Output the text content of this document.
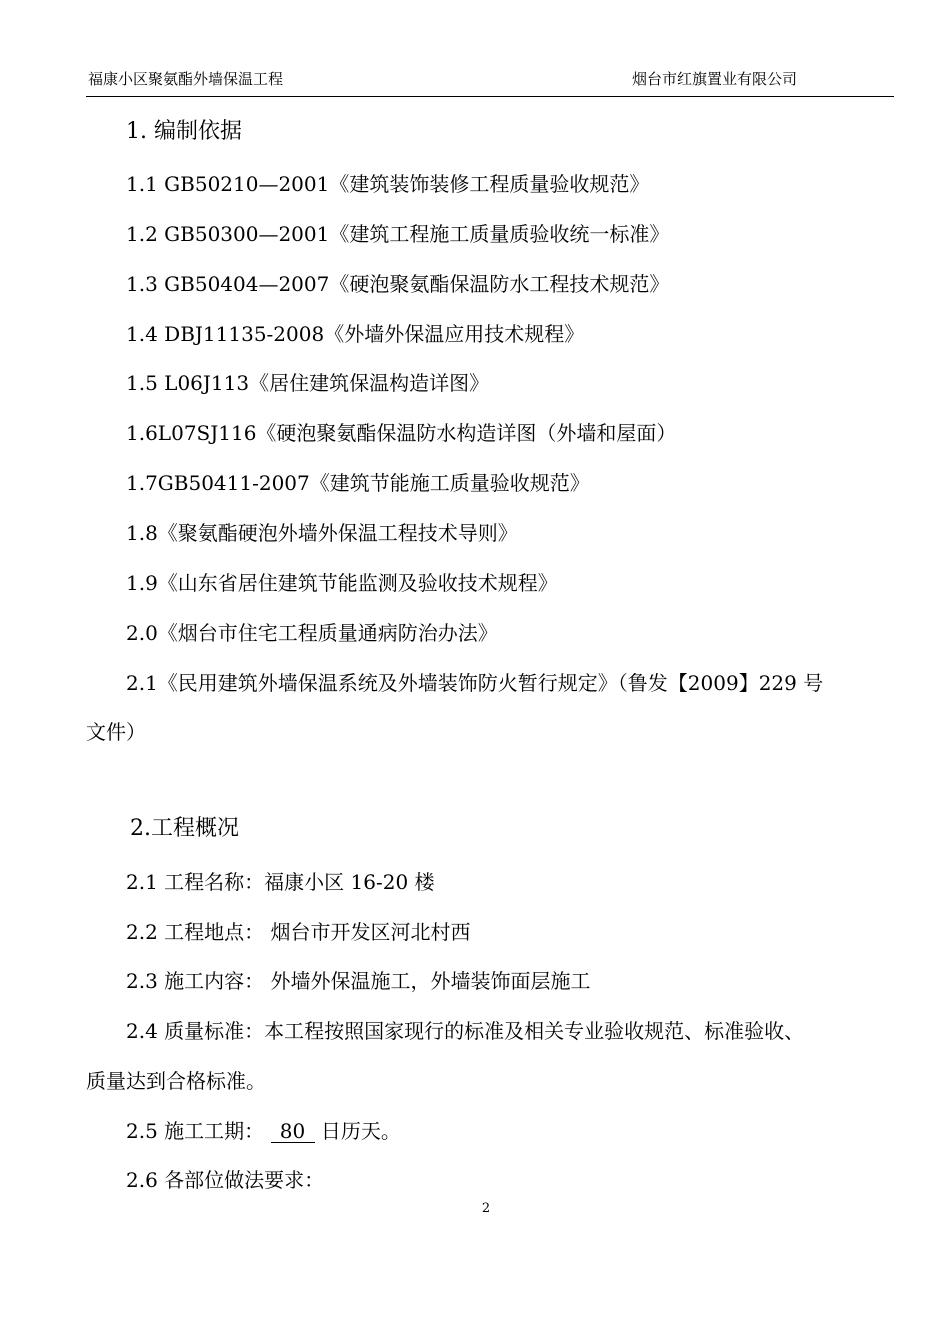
福康小区聚氨酯外墙保温工程	烟台市红旗置业有限公司
1. 编制依据
1.1 GB50210—2001《建筑装饰装修工程质量验收规范》
1.2 GB50300—2001《建筑工程施工质量质验收统一标准》
1.3 GB50404—2007《硬泡聚氨酯保温防水工程技术规范》
1.4 DBJ11135-2008《外墙外保温应用技术规程》
1.5 L06J113《居住建筑保温构造详图》
1.6L07SJ116《硬泡聚氨酯保温防水构造详图（外墙和屋面）
1.7GB50411-2007《建筑节能施工质量验收规范》
1.8《聚氨酯硬泡外墙外保温工程技术导则》
1.9《山东省居住建筑节能监测及验收技术规程》
2.0《烟台市住宅工程质量通病防治办法》
2.1《民用建筑外墙保温系统及外墙装饰防火暂行规定》（鲁发【2009】229 号
文件）
2.工程概况
2.1 工程名称：福康小区 16-20 楼
2.2 工程地点： 烟台市开发区河北村西
2.3 施工内容： 外墙外保温施工，外墙装饰面层施工
2.4 质量标准：本工程按照国家现行的标准及相关专业验收规范、标准验收、
质量达到合格标准。
2.5 施工工期： 80 日历天。
2.6 各部位做法要求：
2
